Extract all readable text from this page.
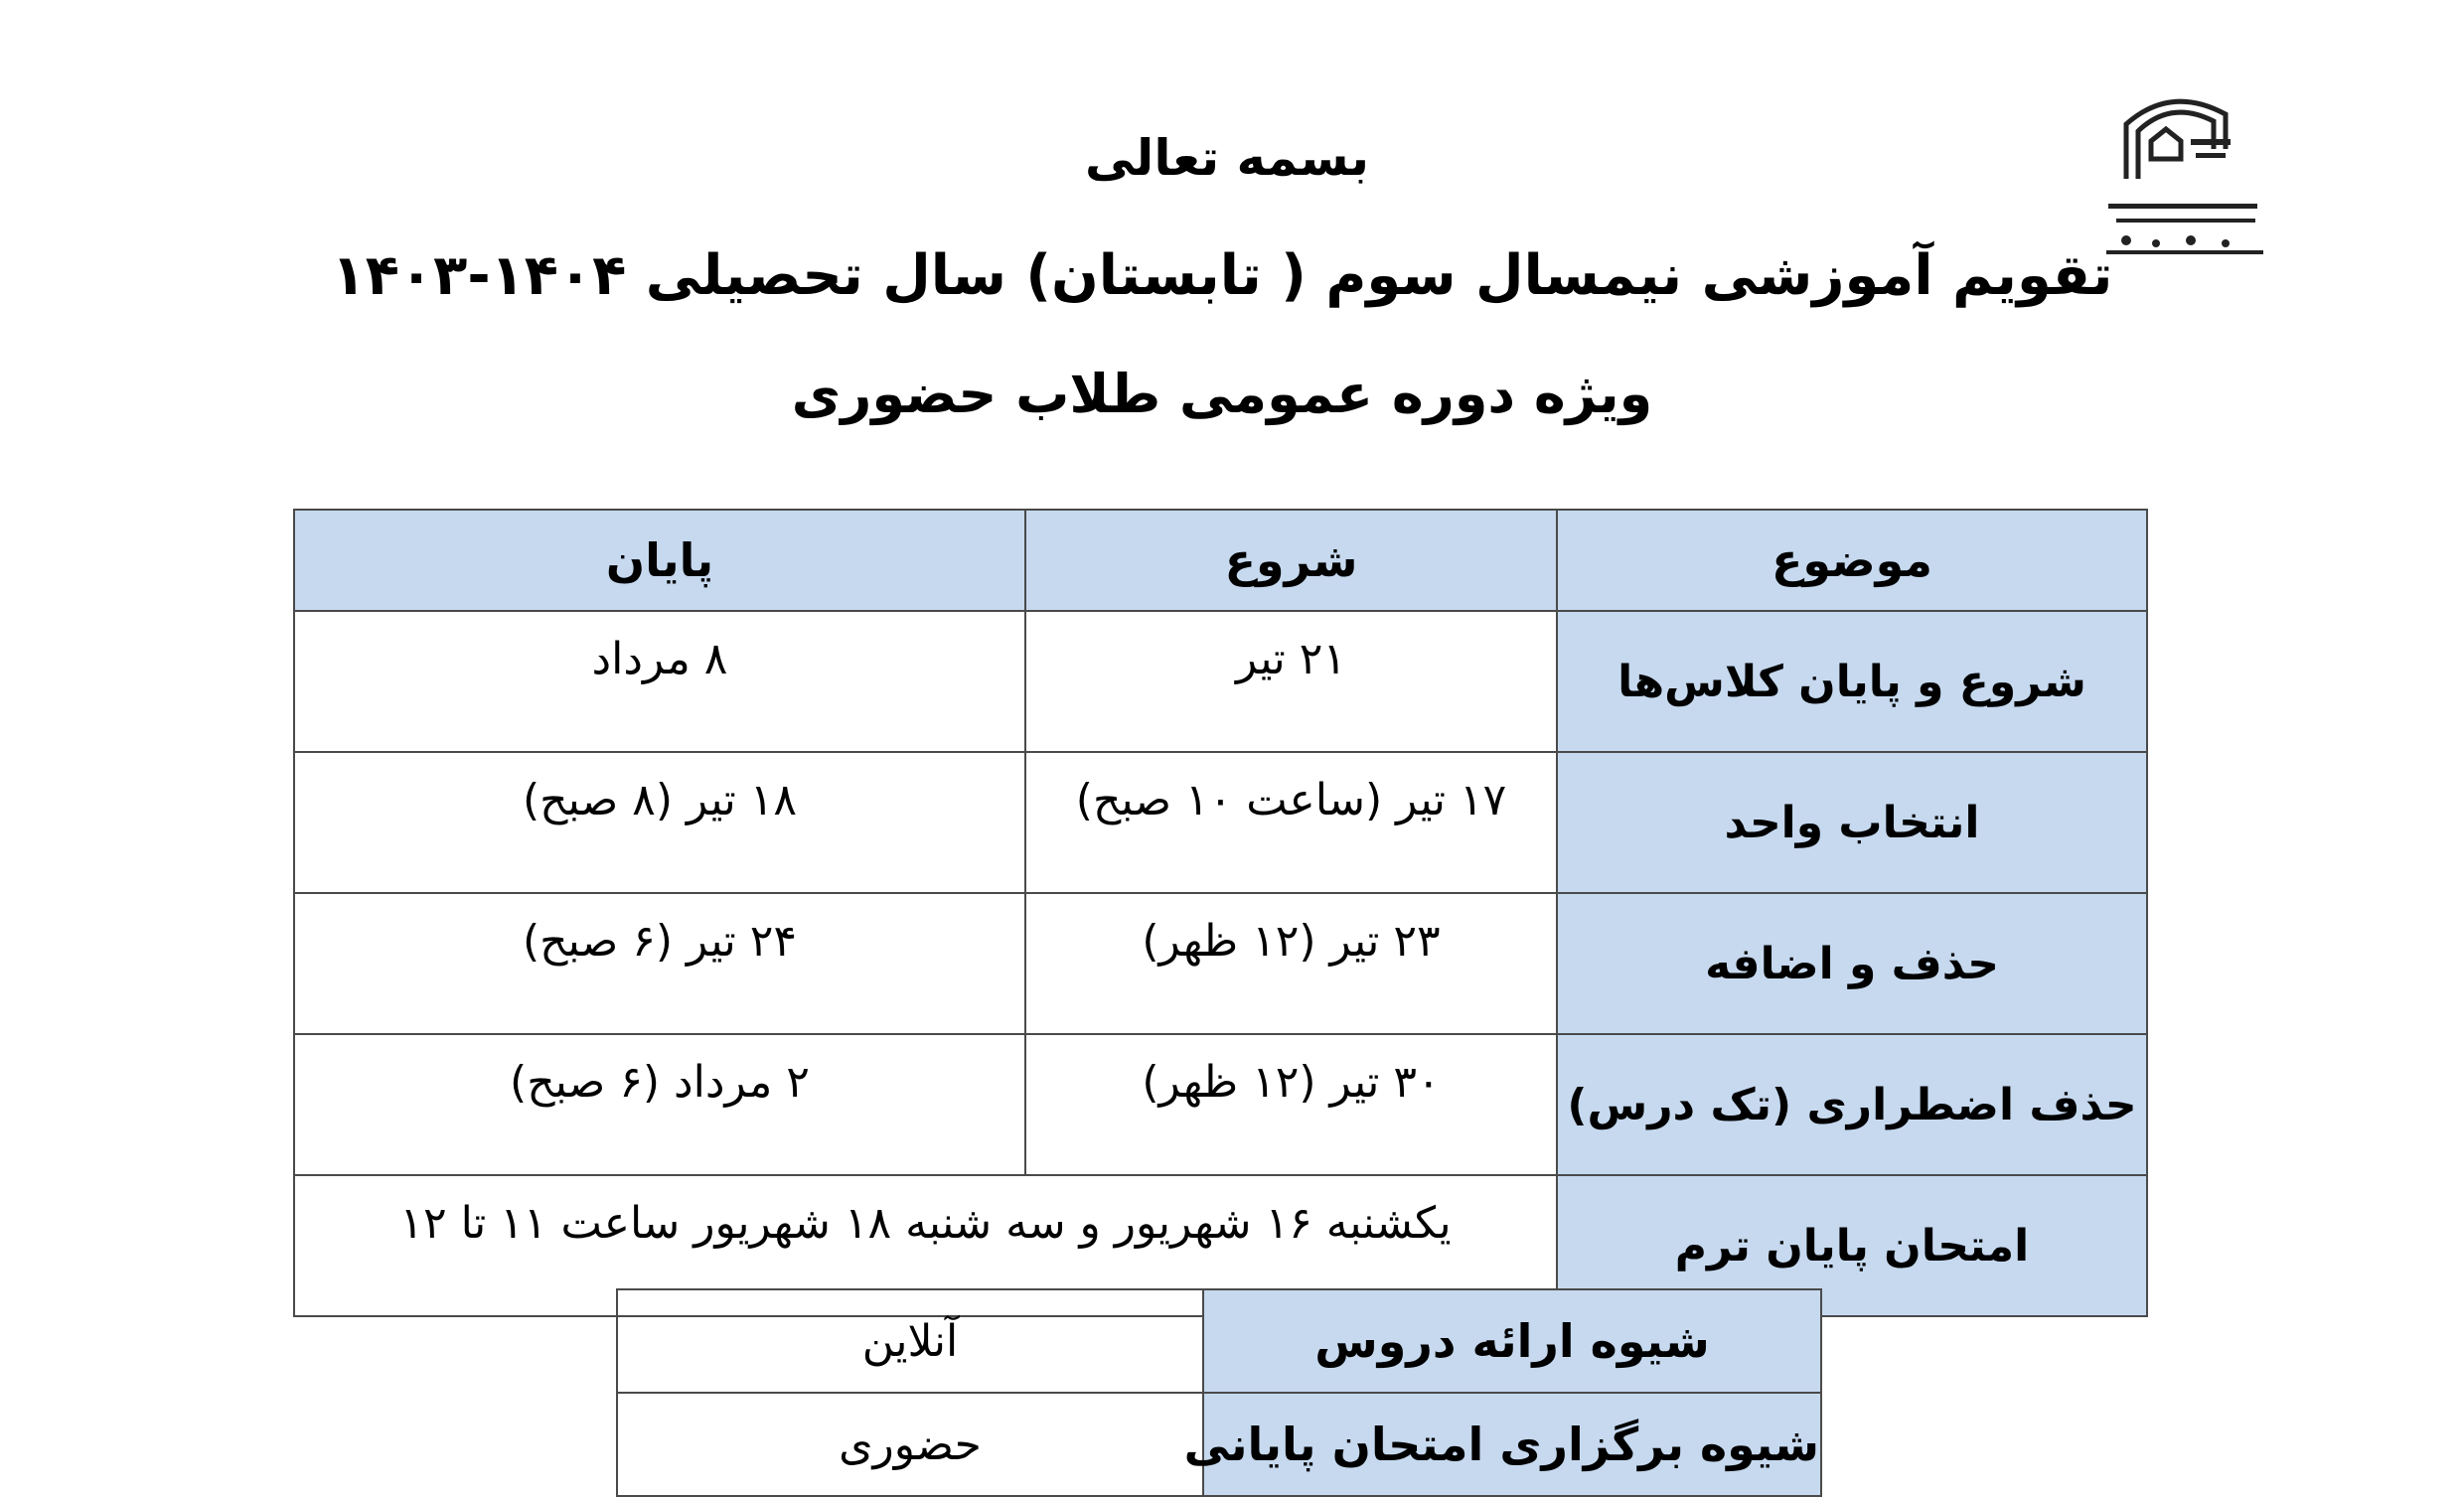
بسمه تعالی
تقویم آموزشی نیمسال سوم ( تابستان) سال تحصیلی ۱۴۰۴-۱۴۰۳
ویژه دوره عمومی طلاب حضوری
موضوع	شروع	پایان
شروع و پایان کلاس‌ها	۲۱ تیر	۸ مرداد
انتخاب واحد	۱۷ تیر (ساعت ۱۰ صبح)	۱۸ تیر (۸ صبح)
حذف و اضافه	۲۳ تیر (۱۲ ظهر)	۲۴ تیر (۶ صبح)
حذف اضطراری (تک درس)	۳۰ تیر (۱۲ ظهر)	۲ مرداد (۶ صبح)
امتحان پایان ترم	یکشنبه ۱۶ شهریور و سه شنبه ۱۸ شهریور ساعت ۱۱ تا ۱۲	
شیوه ارائه دروس	آنلاین
شیوه برگزاری امتحان پایانی	حضوری
